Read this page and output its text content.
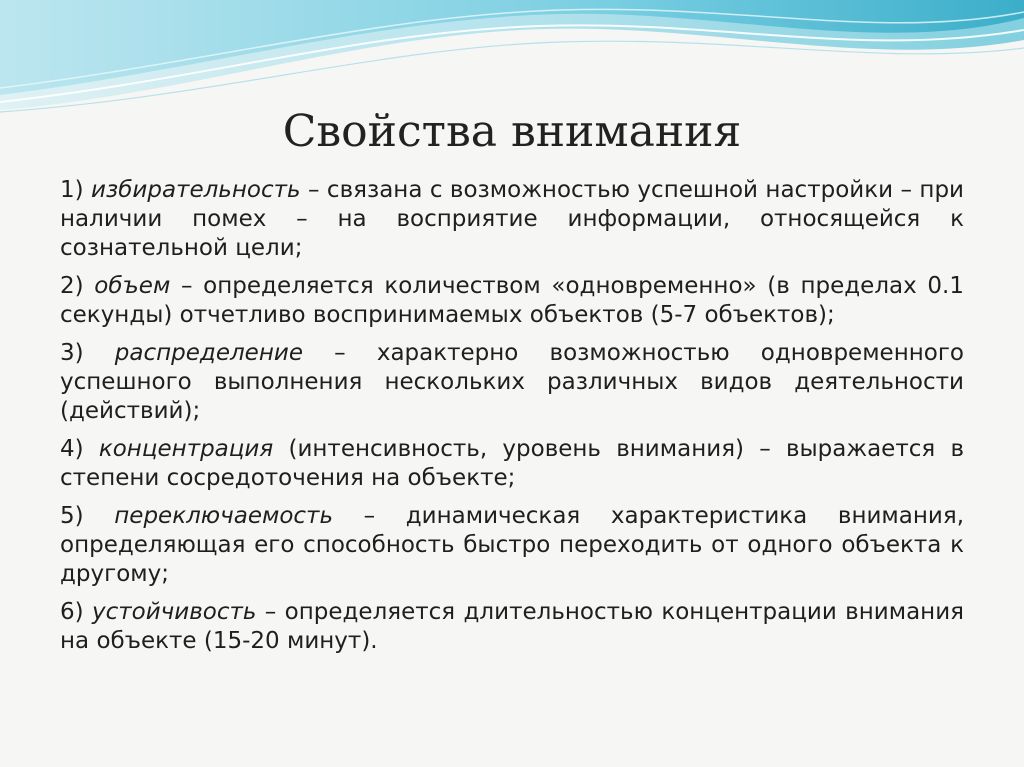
Свойства внимания

1) избирательность – связана с возможностью успешной настройки – при наличии помех – на восприятие информации, относящейся к сознательной цели;

2) объем – определяется количеством «одновременно» (в пределах 0.1 секунды) отчетливо воспринимаемых объектов (5-7 объектов);

3) распределение – характерно возможностью одновременного успешного выполнения нескольких различных видов деятельности (действий);

4) концентрация (интенсивность, уровень внимания) – выражается в степени сосредоточения на объекте;

5) переключаемость – динамическая характеристика внимания, определяющая его способность быстро переходить от одного объекта к другому;

6) устойчивость – определяется длительностью концентрации внимания на объекте (15-20 минут).
